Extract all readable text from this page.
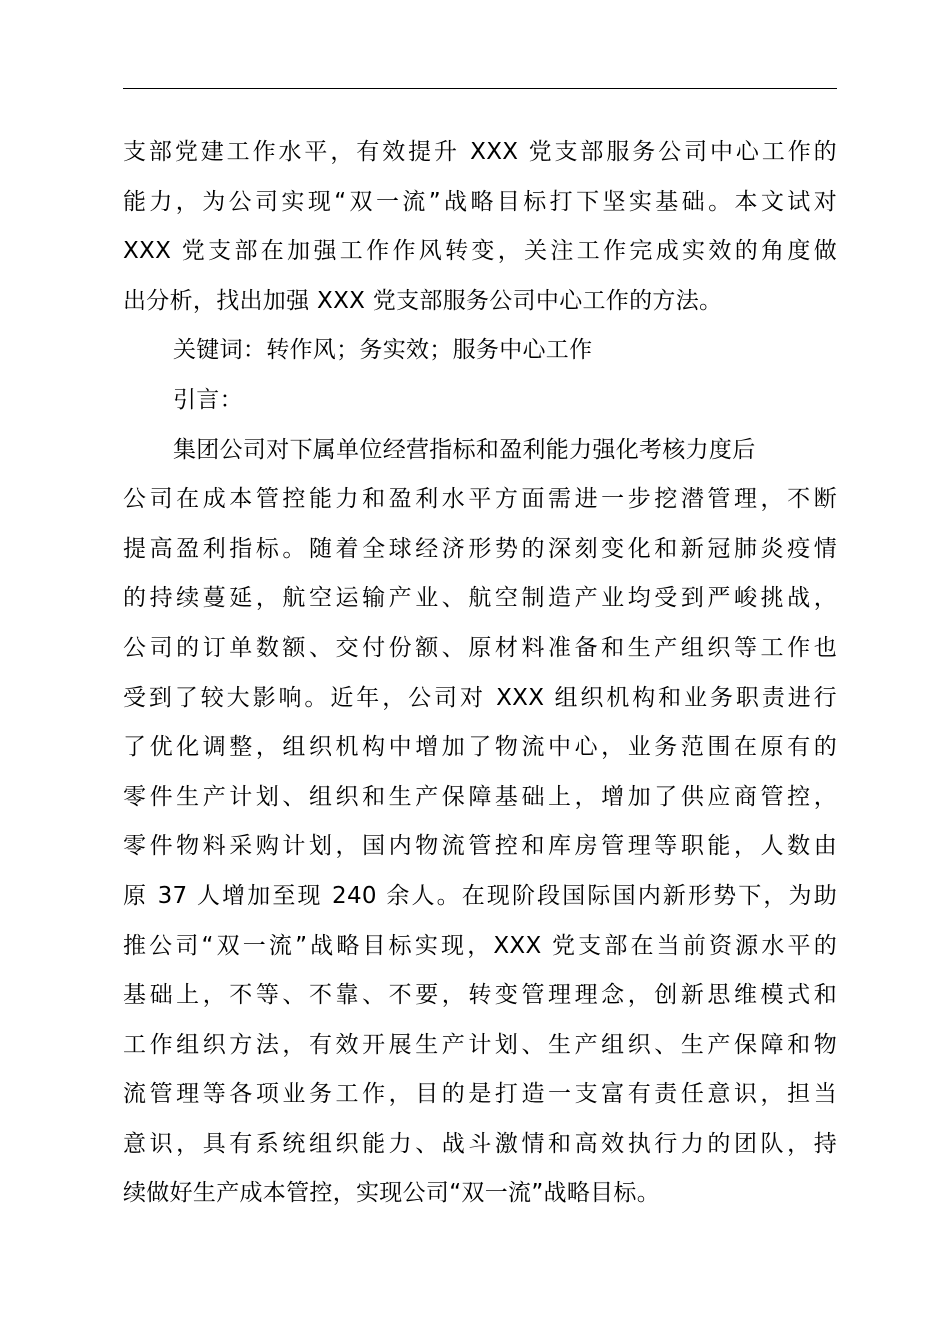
支部党建工作水平，有效提升 XXX 党支部服务公司中心工作的
能力，为公司实现“双一流”战略目标打下坚实基础。本文试对
XXX 党支部在加强工作作风转变，关注工作完成实效的角度做
出分析，找出加强 XXX 党支部服务公司中心工作的方法。
关键词：转作风；务实效；服务中心工作
引言：
集团公司对下属单位经营指标和盈利能力强化考核力度后
公司在成本管控能力和盈利水平方面需进一步挖潜管理，不断
提高盈利指标。随着全球经济形势的深刻变化和新冠肺炎疫情
的持续蔓延，航空运输产业、航空制造产业均受到严峻挑战，
公司的订单数额、交付份额、原材料准备和生产组织等工作也
受到了较大影响。近年，公司对 XXX 组织机构和业务职责进行
了优化调整，组织机构中增加了物流中心，业务范围在原有的
零件生产计划、组织和生产保障基础上，增加了供应商管控，
零件物料采购计划，国内物流管控和库房管理等职能，人数由
原 37 人增加至现 240 余人。在现阶段国际国内新形势下，为助
推公司“双一流”战略目标实现，XXX 党支部在当前资源水平的
基础上，不等、不靠、不要，转变管理理念，创新思维模式和
工作组织方法，有效开展生产计划、生产组织、生产保障和物
流管理等各项业务工作，目的是打造一支富有责任意识，担当
意识，具有系统组织能力、战斗激情和高效执行力的团队，持
续做好生产成本管控，实现公司“双一流”战略目标。
